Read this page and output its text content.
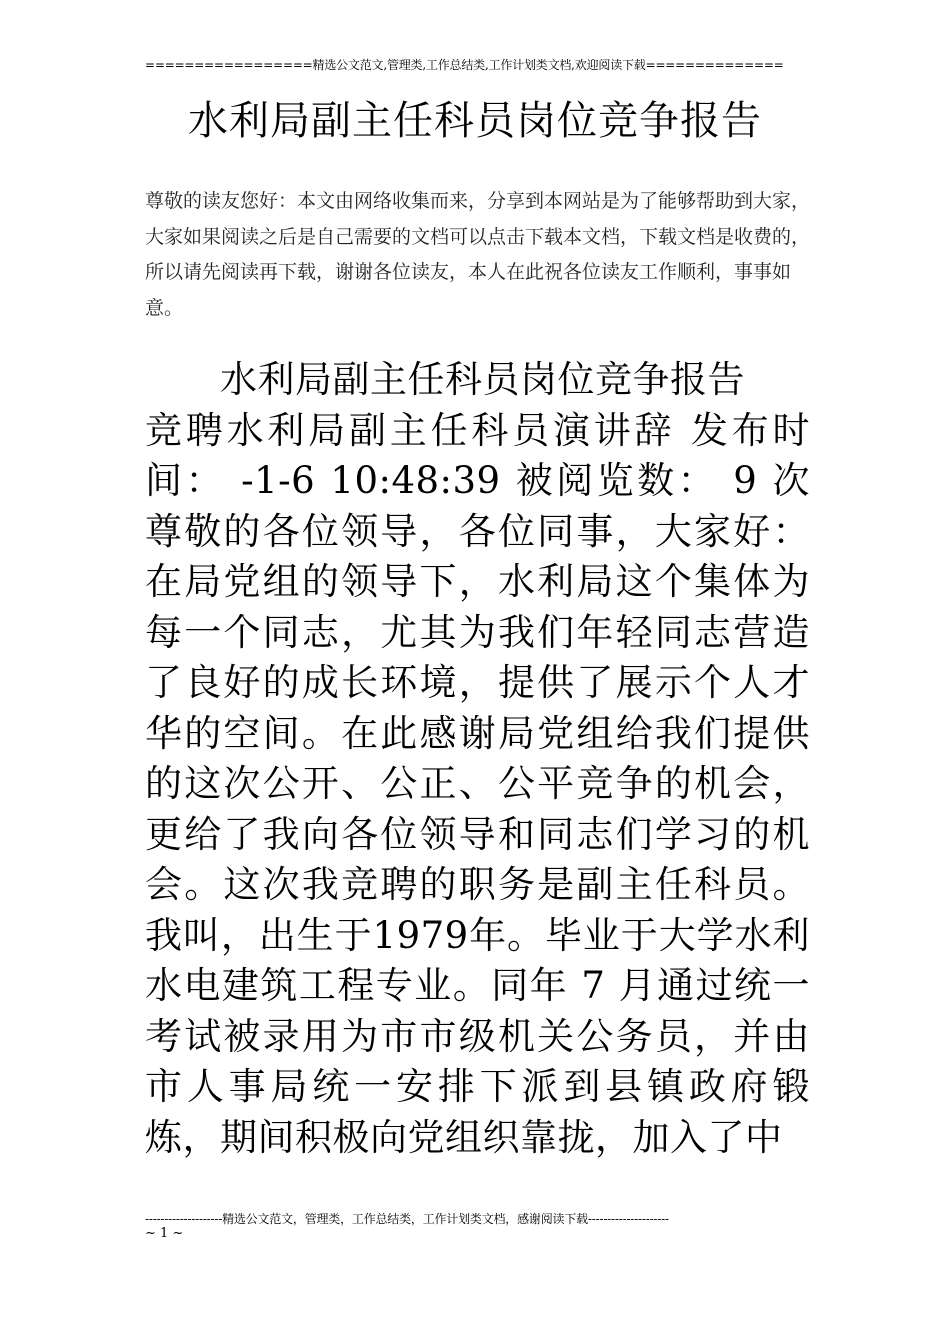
=================精选公文范文,管理类,工作总结类,工作计划类文档,欢迎阅读下载==============
水利局副主任科员岗位竞争报告
尊敬的读友您好：本文由网络收集而来，分享到本网站是为了能够帮助到大家，大家如果阅读之后是自己需要的文档可以点击下载本文档，下载文档是收费的，所以请先阅读再下载，谢谢各位读友，本人在此祝各位读友工作顺利，事事如意。
水利局副主任科员岗位竞争报告

竞聘水利局副主任科员演讲辞 发布时间： -1-6 10:48:39 被阅览数： 9 次尊敬的各位领导，各位同事，大家好：在局党组的领导下，水利局这个集体为每一个同志，尤其为我们年轻同志营造了良好的成长环境，提供了展示个人才华的空间。在此感谢局党组给我们提供的这次公开、公正、公平竞争的机会，更给了我向各位领导和同志们学习的机会。这次我竞聘的职务是副主任科员。我叫，出生于1979年。毕业于大学水利水电建筑工程专业。同年 7 月通过统一考试被录用为市市级机关公务员，并由市人事局统一安排下派到县镇政府锻炼，期间积极向党组织靠拢，加入了中

--------------------精选公文范文，管理类，工作总结类，工作计划类文档，感谢阅读下载---------------------
~ 1 ~
